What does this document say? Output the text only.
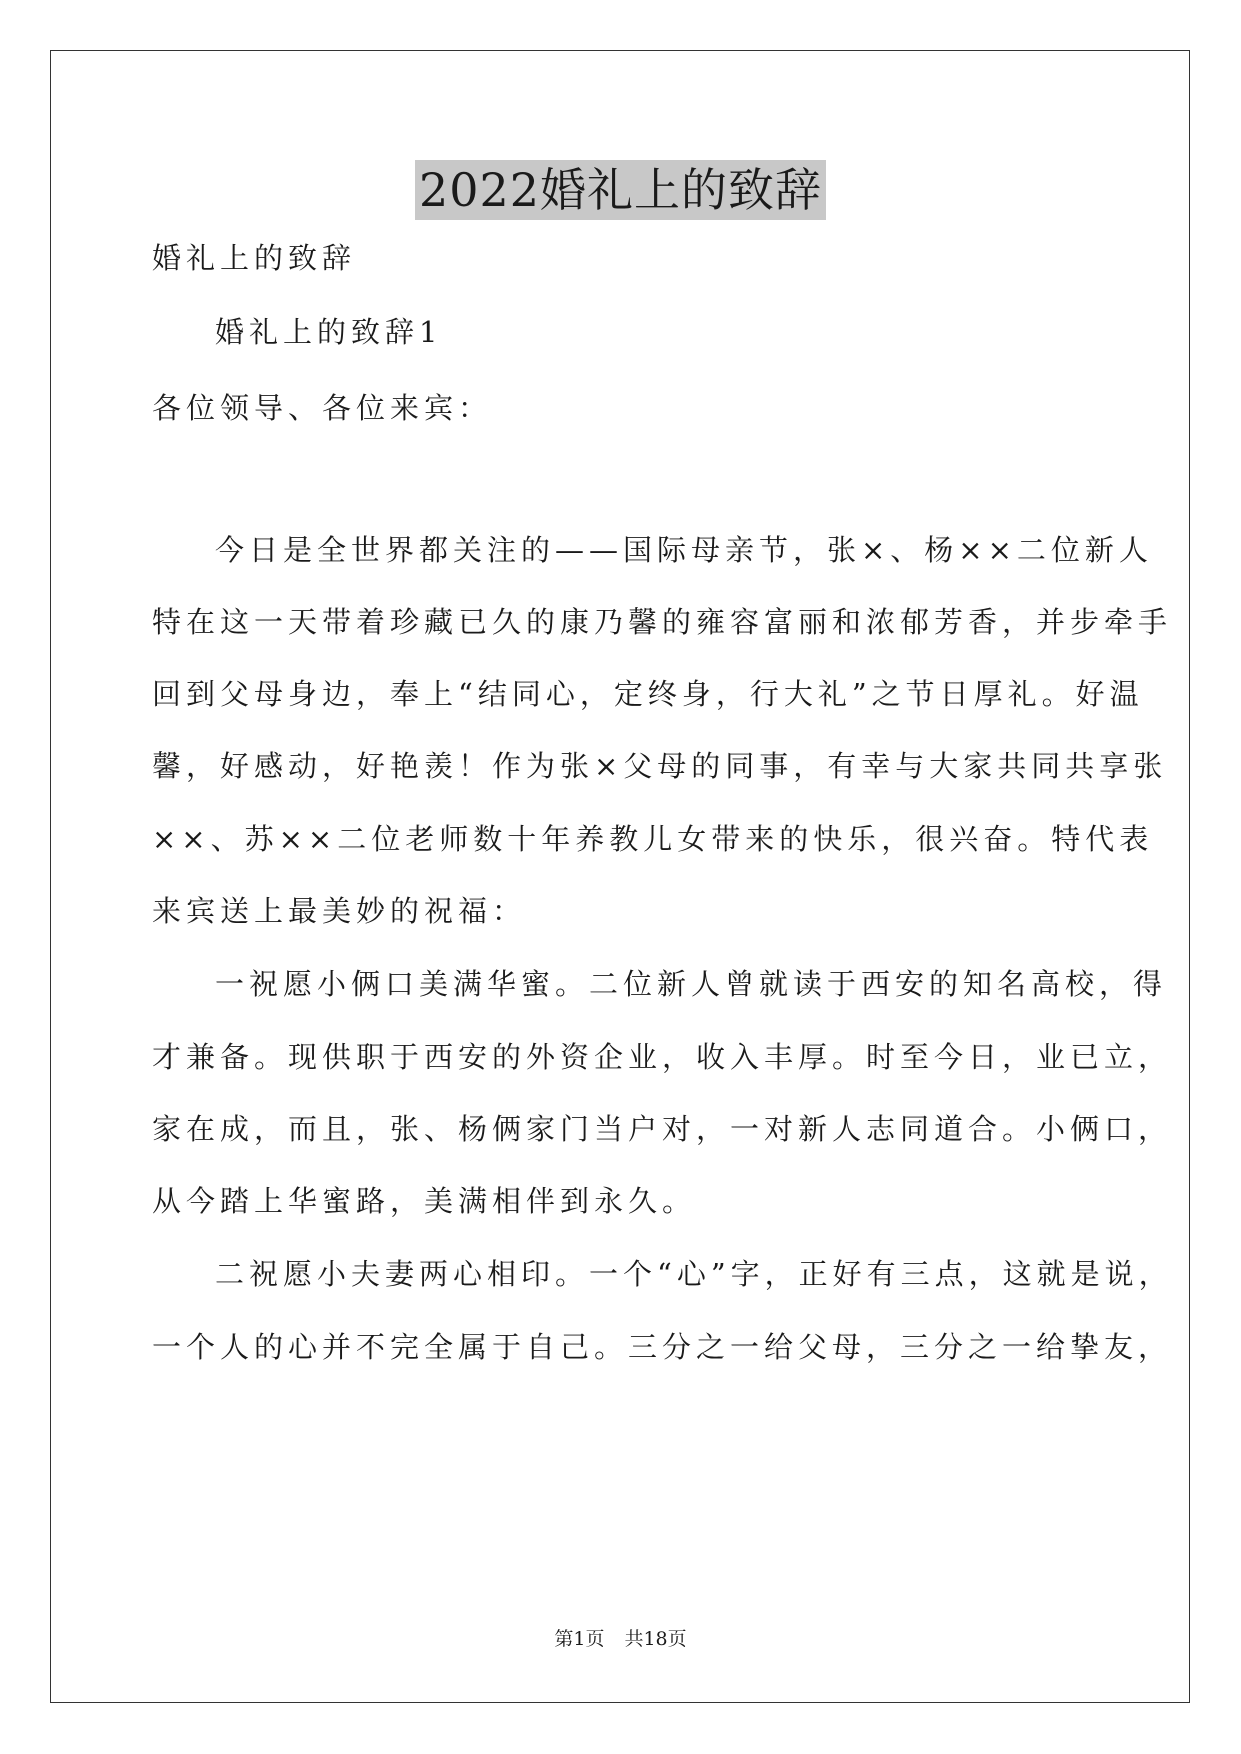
2022婚礼上的致辞
婚礼上的致辞
婚礼上的致辞1
各位领导、各位来宾：
今日是全世界都关注的——国际母亲节，张×、杨××二位新人
特在这一天带着珍藏已久的康乃馨的雍容富丽和浓郁芳香，并步牵手
回到父母身边，奉上“结同心，定终身，行大礼”之节日厚礼。好温
馨，好感动，好艳羡！作为张×父母的同事，有幸与大家共同共享张
××、苏××二位老师数十年养教儿女带来的快乐，很兴奋。特代表
来宾送上最美妙的祝福：
一祝愿小俩口美满华蜜。二位新人曾就读于西安的知名高校，得
才兼备。现供职于西安的外资企业，收入丰厚。时至今日，业已立，
家在成，而且，张、杨俩家门当户对，一对新人志同道合。小俩口，
从今踏上华蜜路，美满相伴到永久。
二祝愿小夫妻两心相印。一个“心”字，正好有三点，这就是说，
一个人的心并不完全属于自己。三分之一给父母，三分之一给挚友，
第1页 共18页
